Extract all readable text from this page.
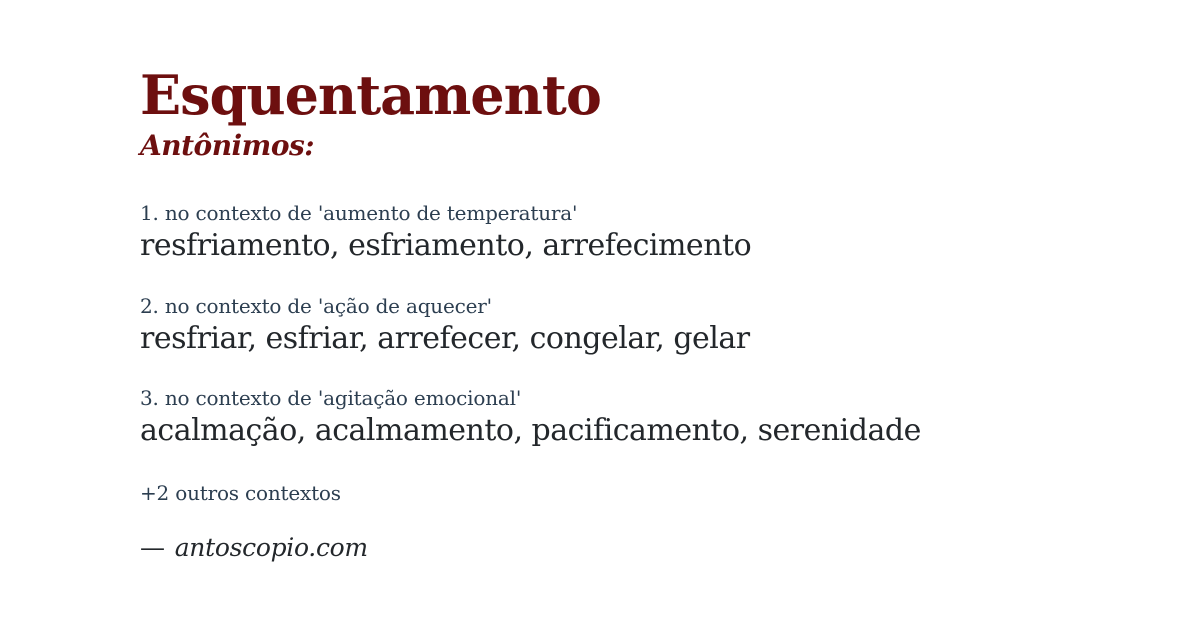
Esquentamento
Antônimos:
1. no contexto de 'aumento de temperatura'
resfriamento, esfriamento, arrefecimento
2. no contexto de 'ação de aquecer'
resfriar, esfriar, arrefecer, congelar, gelar
3. no contexto de 'agitação emocional'
acalmação, acalmamento, pacificamento, serenidade
+2 outros contextos
— antoscopio.com
